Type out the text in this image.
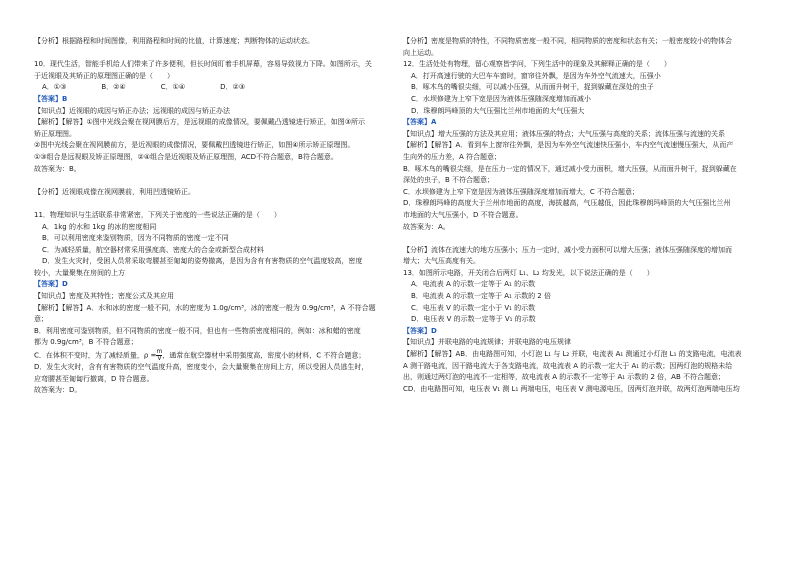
【分析】根据路程和时间图像，利用路程和时间的比值，计算速度；判断物体的运动状态。
10．现代生活，智能手机给人们带来了许多便利，但长时间盯着手机屏幕，容易导致视力下降。如图所示，关
于近视眼及其矫正的原理图正确的是（　　）
A．①③　　　　　B．②④　　　　　C．①④　　　　　D．②③
【答案】B
【知识点】近视眼的成因与矫正办法；远视眼的成因与矫正办法
【解析】【解答】①图中光线会聚在视网膜后方，是远视眼的成像情况，要佩戴凸透镜进行矫正，如图③所示
矫正原理图。
②图中光线会聚在视网膜前方，是近视眼的成像情况，要佩戴凹透镜进行矫正，如图④所示矫正原理图。
①③组合是远视眼及矫正原理图，②④组合是近视眼及矫正原理图，ACD不符合题意，B符合题意。
故答案为：B。
【分析】近视眼成像在视网膜前，利用凹透镜矫正。
11．物理知识与生活联系非常紧密，下列关于密度的一些说法正确的是（　　）
A．1kg 的水和 1kg 的冰的密度相同
B．可以利用密度来鉴别物质，因为不同物质的密度一定不同
C．为减轻质量，航空器材常采用强度高、密度大的合金或新型合成材料
D．发生火灾时，受困人员常采取弯腰甚至匍匐的姿势撤离，是因为含有有害物质的空气温度较高，密度
较小，大量聚集在房间的上方
【答案】D
【知识点】密度及其特性；密度公式及其应用
【解析】【解答】A．水和冰的密度一般不同，水的密度为 1.0g/cm³，冰的密度一般为 0.9g/cm³，A 不符合题
意；
B．利用密度可鉴别物质，但不同物质的密度一般不同，但也有一些物质密度相同的，例如：冰和蜡的密度
都为 0.9g/cm³，B 不符合题意；
C．在体积不变时，为了减轻质量，$\rho = \frac{m}{V}$ ，通常在航空器材中采用强度高，密度小的材料，C 不符合题意；
D．发生火灾时，含有有害物质的空气温度升高，密度变小，会大量聚集在房间上方，所以受困人员逃生时，
应弯腰甚至匍匐行撤离，D 符合题意。
故答案为：D。
【分析】密度是物质的特性，不同物质密度一般不同，相同物质的密度和状态有关；一般密度较小的物体会
向上运动。
12．生活处处有物理，留心观察皆学问，下列生活中的现象及其解释正确的是（　　）
A．打开高速行驶的大巴车车窗时，窗帘往外飘，是因为车外空气流速大，压强小
B．啄木鸟的嘴很尖细，可以减小压强，从而面升树干，捉到躲藏在深处的虫子
C．水坝修建为上窄下宽是因为液体压强随深度增加而减小
D．珠穆朗玛峰顶的大气压强比兰州市地面的大气压强大
【答案】A
【知识点】增大压强的方法及其应用；液体压强的特点；大气压强与高度的关系；流体压强与流速的关系
【解析】【解答】A．看到车上窗帘往外飘，是因为车外空气流速快压强小，车内空气流速慢压强大，从而产
生向外的压力差，A 符合题意；
B．啄木鸟的嘴很尖细，是在压力一定的情况下，通过减小受力面积，增大压强，从而面升树干，捉到躲藏在
深处的虫子，B 不符合题意；
C．水坝修建为上窄下宽是因为液体压强随深度增加而增大，C 不符合题意；
D．珠穆朗玛峰的高度大于兰州市地面的高度，海拔越高，气压越低，因此珠穆朗玛峰顶的大气压强比兰州
市地面的大气压强小，D 不符合题意。
故答案为：A。
【分析】流体在流速大的地方压强小；压力一定时，减小受力面积可以增大压强；液体压强随深度的增加而
增大；大气压高度有关。
13．如图所示电路，开关闭合后两灯 L₁、L₂ 均发光，以下说法正确的是（　　）
A．电流表 A 的示数一定等于 A₁ 的示数
B．电流表 A 的示数一定等于 A₁ 示数的 2 倍
C．电压表 V 的示数一定小于 V₁ 的示数
D．电压表 V 的示数一定等于 V₁ 的示数
【答案】D
【知识点】并联电路的电流规律；并联电路的电压规律
【解析】【解答】AB．由电路图可知，小灯泡 L₁ 与 L₂ 并联，电流表 A₁ 测通过小灯泡 L₁ 的支路电流，电流表
A 测干路电流，因干路电流大于各支路电流，故电流表 A 的示数一定大于 A₁ 的示数；因两灯泡的规格未给
出，则通过两灯泡的电流不一定相等，故电流表 A 的示数不一定等于 A₁ 示数的 2 倍，AB 不符合题意；
CD．由电路图可知，电压表 V₁ 测 L₁ 两端电压，电压表 V 测电源电压，因两灯泡并联，故两灯泡两端电压均
